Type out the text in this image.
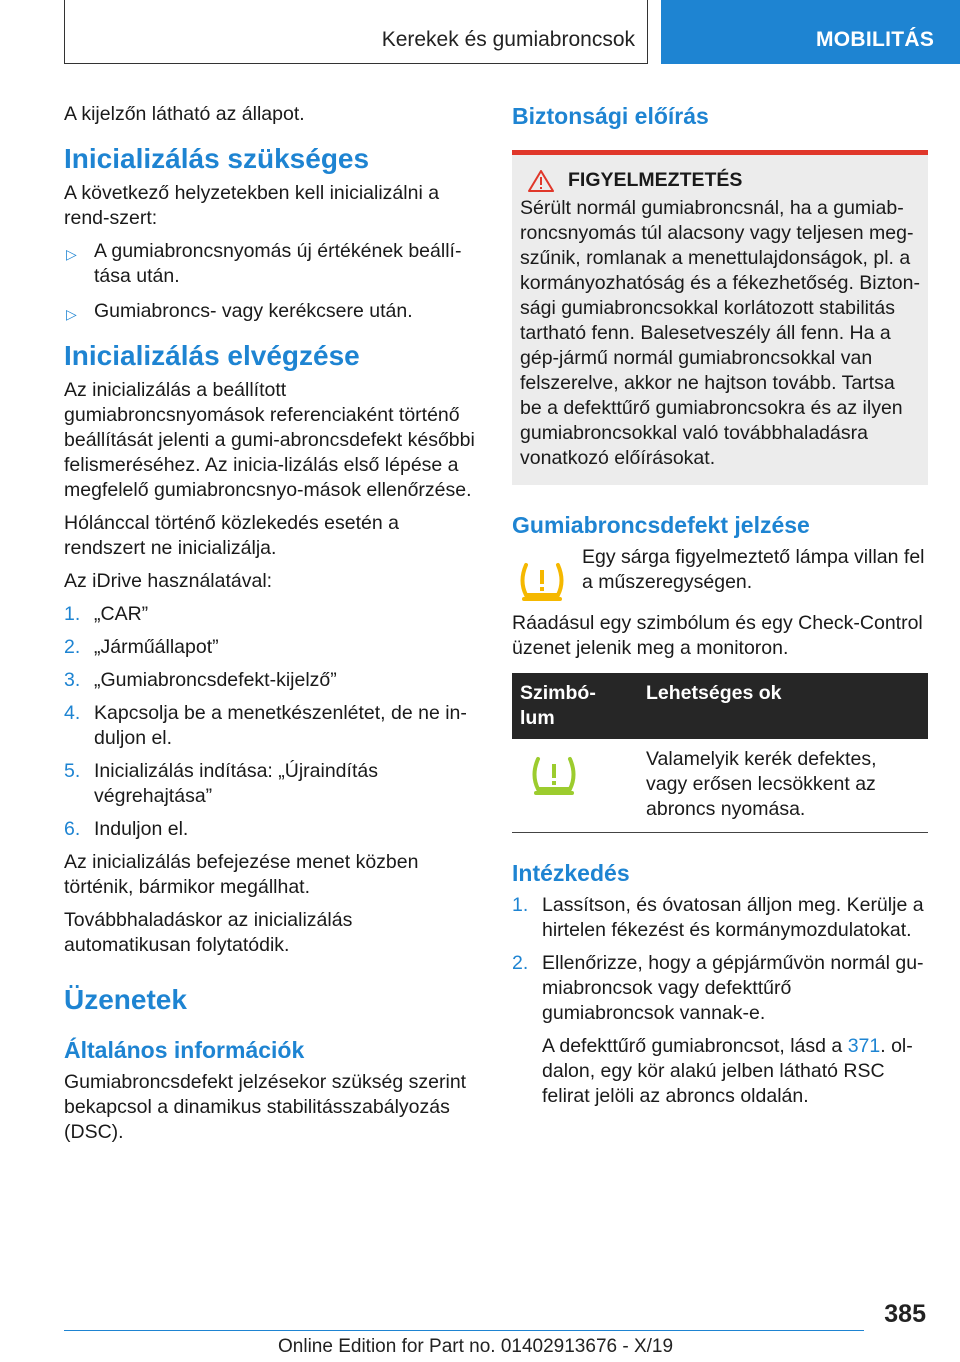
Kerekek és gumiabroncsok	MOBILITÁS

A kijelzőn látható az állapot.

Inicializálás szükséges

A következő helyzetekben kell inicializálni a rend-szert:

▷ A gumiabroncsnyomás új értékének beállí-tása után.
▷ Gumiabroncs- vagy kerékcsere után.
Inicializálás elvégzése

Az inicializálás a beállított gumiabroncsnyomások referenciaként történő beállítását jelenti a gumi-abroncsdefekt későbbi felismeréséhez. Az inicia-lizálás első lépése a megfelelő gumiabroncsnyo-mások ellenőrzése.

Hólánccal történő közlekedés esetén a rendszert ne inicializálja.

Az iDrive használatával:

1. „CAR”
2. „Járműállapot”
3. „Gumiabroncsdefekt-kijelző”
4. Kapcsolja be a menetkészenlétet, de ne in-duljon el.
5. Inicializálás indítása: „Újraindítás végrehajtása”
6. Induljon el.

Az inicializálás befejezése menet közben történik, bármikor megállhat.

Továbbhaladáskor az inicializálás automatikusan folytatódik.

Üzenetek
Általános információk

Gumiabroncsdefekt jelzésekor szükség szerint bekapcsol a dinamikus stabilitásszabályozás (DSC).

Biztonsági előírás
FIGYELMEZTETÉS

Sérült normál gumiabroncsnál, ha a gumiab-roncsnyomás túl alacsony vagy teljesen meg-szűnik, romlanak a menettulajdonságok, pl. a kormányozhatóság és a fékezhetőség. Bizton-sági gumiabroncsokkal korlátozott stabilitás tartható fenn. Balesetveszély áll fenn. Ha a gép-jármű normál gumiabroncsokkal van felszerelve, akkor ne hajtson tovább. Tartsa be a defekttűrő gumiabroncsokra és az ilyen gumiabroncsokkal való továbbhaladásra vonatkozó előírásokat.

Gumiabroncsdefekt jelzése

Egy sárga figyelmeztető lámpa villan fel a műszeregységen.

Ráadásul egy szimbólum és egy Check-Control üzenet jelenik meg a monitoron.

Szimbó-lum	Lehetséges ok
	Valamelyik kerék defektes, vagy erősen lecsökkent az abroncs nyomása.
Intézkedés
1. Lassítson, és óvatosan álljon meg. Kerülje a hirtelen fékezést és kormánymozdulatokat.
2. Ellenőrizze, hogy a gépjárművön normál gu-miabroncsok vagy defekttűrő gumiabroncsok vannak-e.

A defekttűrő gumiabroncsot, lásd a 371. ol-dalon, egy kör alakú jelben látható RSC felirat jelöli az abroncs oldalán.

385
Online Edition for Part no. 01402913676 - X/19
